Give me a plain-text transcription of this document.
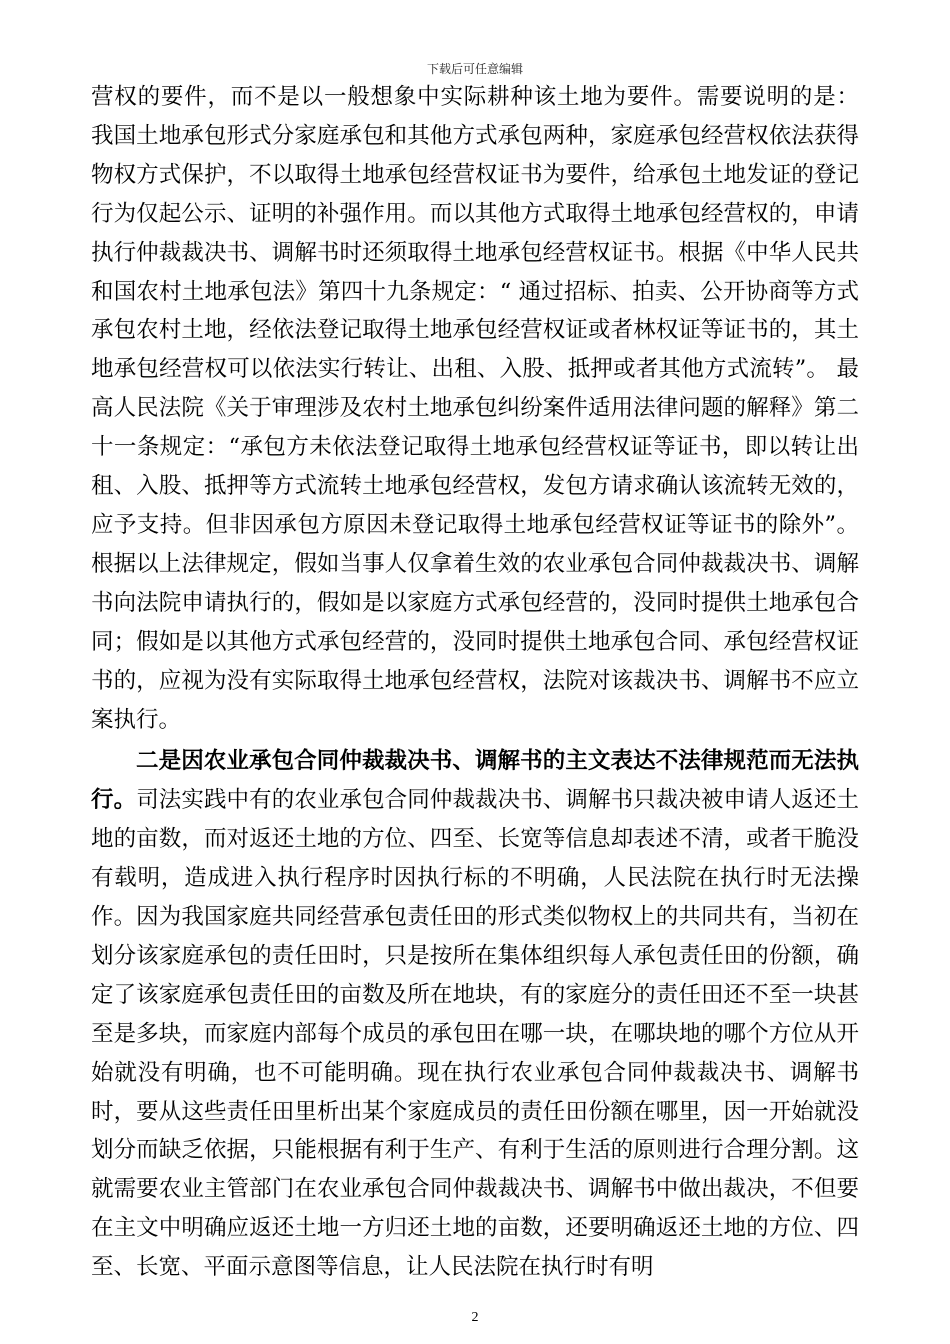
下载后可任意编辑

营权的要件，而不是以一般想象中实际耕种该土地为要件。需要说明的是： 我国土地承包形式分家庭承包和其他方式承包两种，家庭承包经营权依法获得物权方式保护，不以取得土地承包经营权证书为要件，给承包土地发证的登记行为仅起公示、证明的补强作用。而以其他方式取得土地承包经营权的，申请执行仲裁裁决书、调解书时还须取得土地承包经营权证书。根据《中华人民共和国农村土地承包法》第四十九条规定：“ 通过招标、拍卖、公开协商等方式承包农村土地，经依法登记取得土地承包经营权证或者林权证等证书的，其土地承包经营权可以依法实行转让、出租、入股、抵押或者其他方式流转”。 最高人民法院《关于审理涉及农村土地承包纠纷案件适用法律问题的解释》第二十一条规定：“承包方未依法登记取得土地承包经营权证等证书，即以转让出租、入股、抵押等方式流转土地承包经营权，发包方请求确认该流转无效的，应予支持。但非因承包方原因未登记取得土地承包经营权证等证书的除外”。根据以上法律规定，假如当事人仅拿着生效的农业承包合同仲裁裁决书、调解书向法院申请执行的，假如是以家庭方式承包经营的，没同时提供土地承包合同；假如是以其他方式承包经营的，没同时提供土地承包合同、承包经营权证书的，应视为没有实际取得土地承包经营权，法院对该裁决书、调解书不应立案执行。

二是因农业承包合同仲裁裁决书、调解书的主文表达不法律规范而无法执行。司法实践中有的农业承包合同仲裁裁决书、调解书只裁决被申请人返还土地的亩数，而对返还土地的方位、四至、长宽等信息却表述不清，或者干脆没有载明，造成进入执行程序时因执行标的不明确，人民法院在执行时无法操作。因为我国家庭共同经营承包责任田的形式类似物权上的共同共有，当初在划分该家庭承包的责任田时，只是按所在集体组织每人承包责任田的份额，确定了该家庭承包责任田的亩数及所在地块，有的家庭分的责任田还不至一块甚至是多块，而家庭内部每个成员的承包田在哪一块，在哪块地的哪个方位从开始就没有明确，也不可能明确。现在执行农业承包合同仲裁裁决书、调解书时，要从这些责任田里析出某个家庭成员的责任田份额在哪里，因一开始就没划分而缺乏依据，只能根据有利于生产、有利于生活的原则进行合理分割。这就需要农业主管部门在农业承包合同仲裁裁决书、调解书中做出裁决，不但要在主文中明确应返还土地一方归还土地的亩数，还要明确返还土地的方位、四至、长宽、平面示意图等信息，让人民法院在执行时有明

2
